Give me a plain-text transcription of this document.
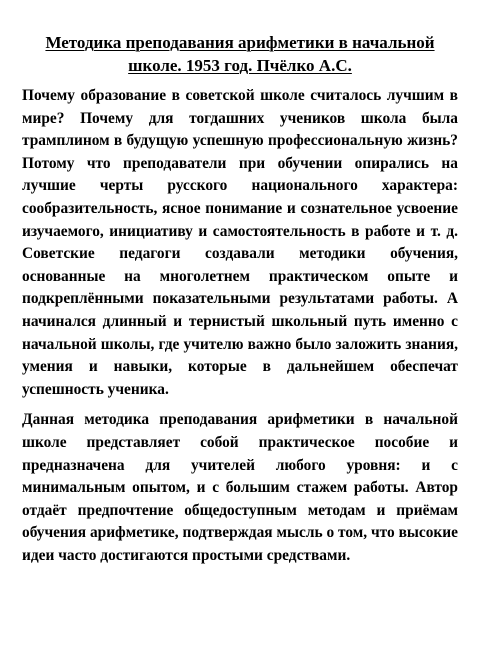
Методика преподавания арифметики в начальной школе. 1953 год. Пчёлко А.С.

Почему образование в советской школе считалось лучшим в мире? Почему для тогдашних учеников школа была трамплином в будущую успешную профессиональную жизнь? Потому что преподаватели при обучении опирались на лучшие черты русского национального характера: сообразительность, ясное понимание и сознательное усвоение изучаемого, инициативу и самостоятельность в работе и т. д. Советские педагоги создавали методики обучения, основанные на многолетнем практическом опыте и подкреплёнными показательными результатами работы. А начинался длинный и тернистый школьный путь именно с начальной школы, где учителю важно было заложить знания, умения и навыки, которые в дальнейшем обеспечат успешность ученика.

Данная методика преподавания арифметики в начальной школе представляет собой практическое пособие и предназначена для учителей любого уровня: и с минимальным опытом, и с большим стажем работы. Автор отдаёт предпочтение общедоступным методам и приёмам обучения арифметике, подтверждая мысль о том, что высокие идеи часто достигаются простыми средствами.
